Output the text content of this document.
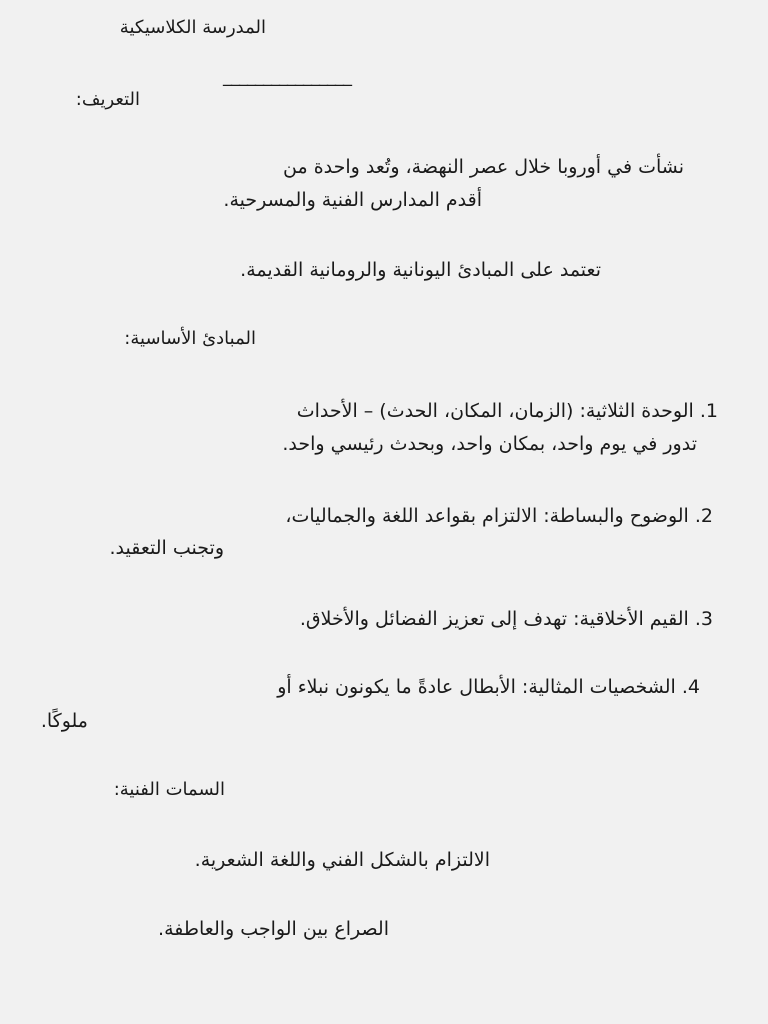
المدرسة الكلاسيكية
________________
التعريف:
نشأت في أوروبا خلال عصر النهضة، وتُعد واحدة من
أقدم المدارس الفنية والمسرحية.
تعتمد على المبادئ اليونانية والرومانية القديمة.
المبادئ الأساسية:
1. الوحدة الثلاثية: (الزمان، المكان، الحدث) – الأحداث
تدور في يوم واحد، بمكان واحد، وبحدث رئيسي واحد.
2. الوضوح والبساطة: الالتزام بقواعد اللغة والجماليات،
وتجنب التعقيد.
3. القيم الأخلاقية: تهدف إلى تعزيز الفضائل والأخلاق.
4. الشخصيات المثالية: الأبطال عادةً ما يكونون نبلاء أو
ملوكًا.
السمات الفنية:
الالتزام بالشكل الفني واللغة الشعرية.
الصراع بين الواجب والعاطفة.
